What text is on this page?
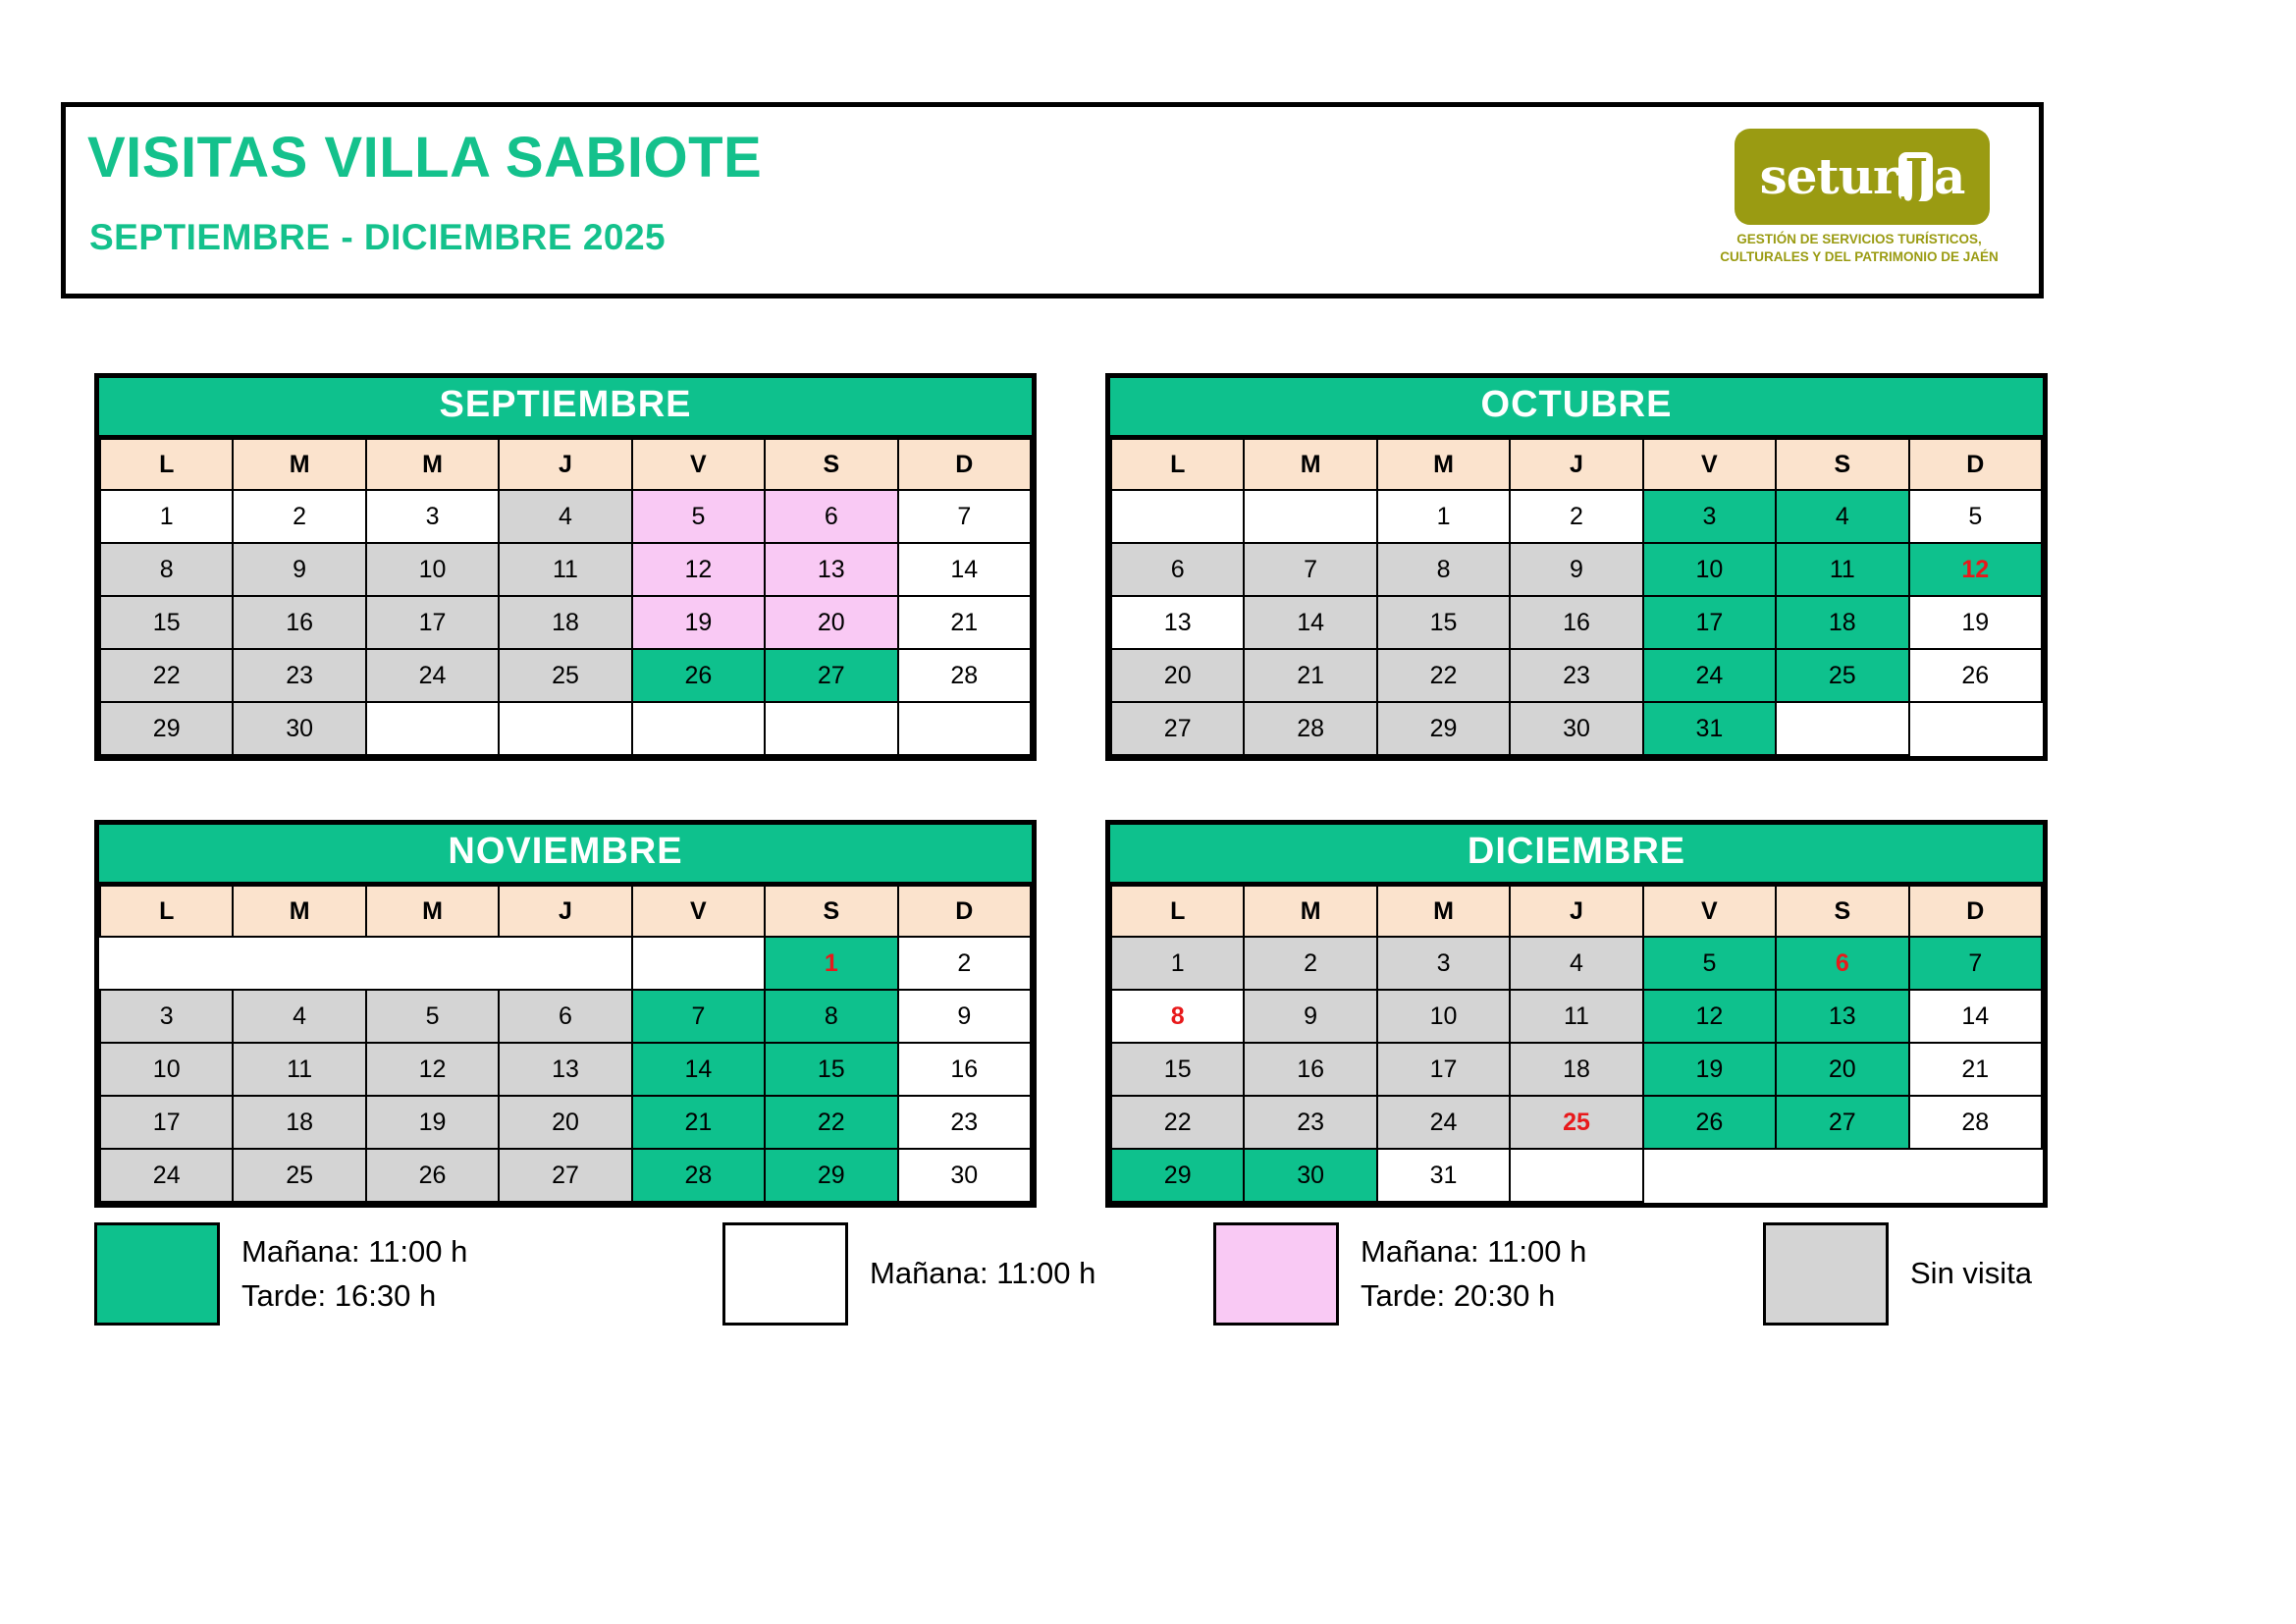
VISITAS VILLA SABIOTE
SEPTIEMBRE - DICIEMBRE 2025
setur J a
GESTIÓN DE SERVICIOS TURÍSTICOS,
CULTURALES Y DEL PATRIMONIO DE JAÉN
SEPTIEMBRE
L	M	M	J	V	S	D
1	2	3	4	5	6	7
8	9	10	11	12	13	14
15	16	17	18	19	20	21
22	23	24	25	26	27	28
29	30					
OCTUBRE
L	M	M	J	V	S	D
		1	2	3	4	5
6	7	8	9	10	11	12
13	14	15	16	17	18	19
20	21	22	23	24	25	26
27	28	29	30	31		
NOVIEMBRE
L	M	M	J	V	S	D
					1	2
3	4	5	6	7	8	9
10	11	12	13	14	15	16
17	18	19	20	21	22	23
24	25	26	27	28	29	30
DICIEMBRE
L	M	M	J	V	S	D
1	2	3	4	5	6	7
8	9	10	11	12	13	14
15	16	17	18	19	20	21
22	23	24	25	26	27	28
29	30	31				
Mañana: 11:00 h
Tarde: 16:30 h
Mañana: 11:00 h
Mañana: 11:00 h
Tarde: 20:30 h
Sin visita
